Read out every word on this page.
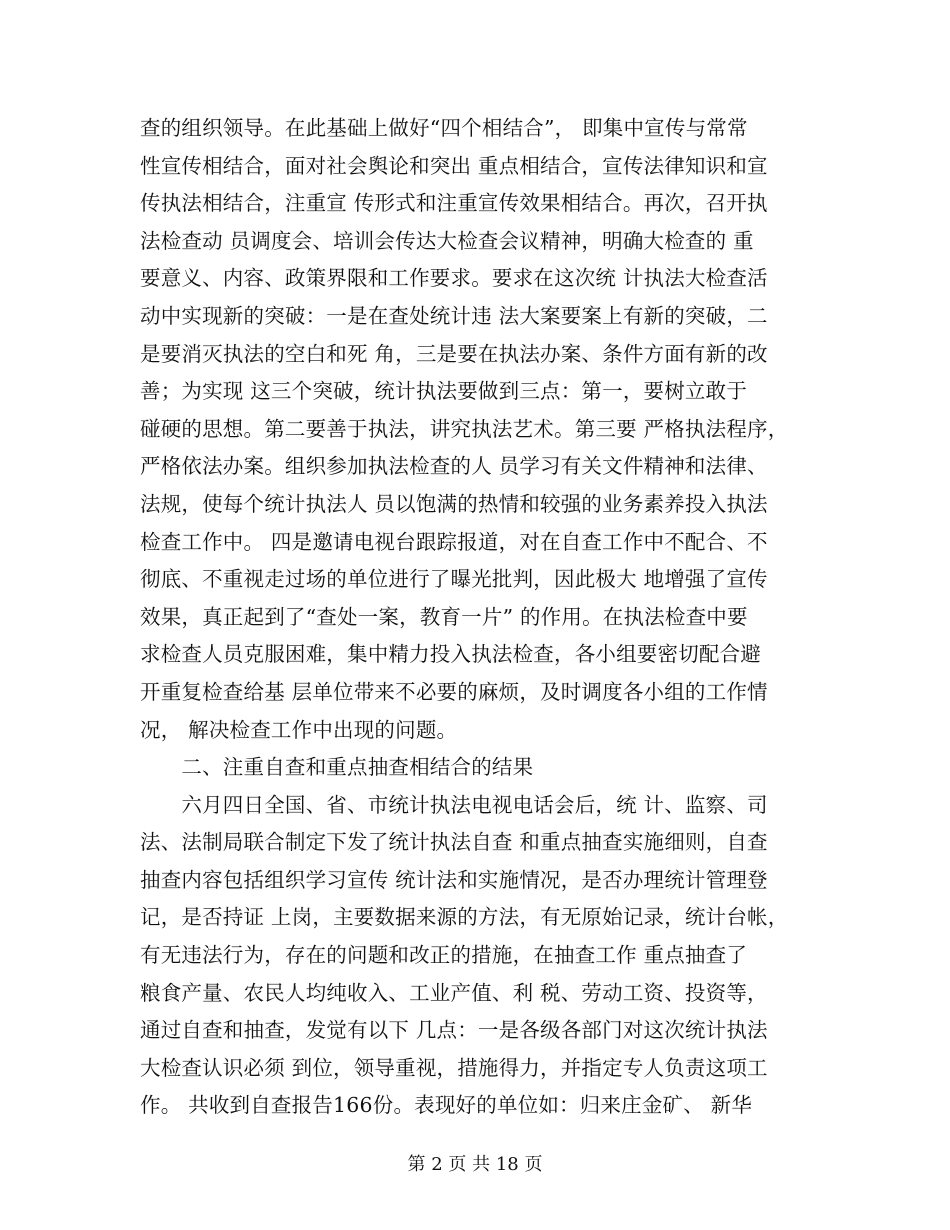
查的组织领导。在此基础上做好“四个相结合”， 即集中宣传与常常
性宣传相结合，面对社会舆论和突出 重点相结合，宣传法律知识和宣
传执法相结合，注重宣 传形式和注重宣传效果相结合。再次，召开执
法检查动 员调度会、培训会传达大检查会议精神，明确大检查的 重
要意义、内容、政策界限和工作要求。要求在这次统 计执法大检查活
动中实现新的突破：一是在查处统计违 法大案要案上有新的突破，二
是要消灭执法的空白和死 角，三是要在执法办案、条件方面有新的改
善；为实现 这三个突破，统计执法要做到三点：第一，要树立敢于
碰硬的思想。第二要善于执法，讲究执法艺术。第三要 严格执法程序，
严格依法办案。组织参加执法检查的人 员学习有关文件精神和法律、
法规，使每个统计执法人 员以饱满的热情和较强的业务素养投入执法
检查工作中。 四是邀请电视台跟踪报道，对在自查工作中不配合、不
彻底、不重视走过场的单位进行了曝光批判，因此极大 地增强了宣传
效果，真正起到了“查处一案，教育一片” 的作用。在执法检查中要
求检查人员克服困难，集中精力投入执法检查，各小组要密切配合避
开重复检查给基 层单位带来不必要的麻烦，及时调度各小组的工作情
况， 解决检查工作中出现的问题。
　　二、注重自查和重点抽查相结合的结果
　　六月四日全国、省、市统计执法电视电话会后，统 计、监察、司
法、法制局联合制定下发了统计执法自查 和重点抽查实施细则，自查
抽查内容包括组织学习宣传 统计法和实施情况，是否办理统计管理登
记，是否持证 上岗，主要数据来源的方法，有无原始记录，统计台帐，
有无违法行为，存在的问题和改正的措施，在抽查工作 重点抽查了
粮食产量、农民人均纯收入、工业产值、利 税、劳动工资、投资等，
通过自查和抽查，发觉有以下 几点：一是各级各部门对这次统计执法
大检查认识必须 到位，领导重视，措施得力，并指定专人负责这项工
作。 共收到自查报告166份。表现好的单位如：归来庄金矿、 新华
第 2 页 共 18 页
